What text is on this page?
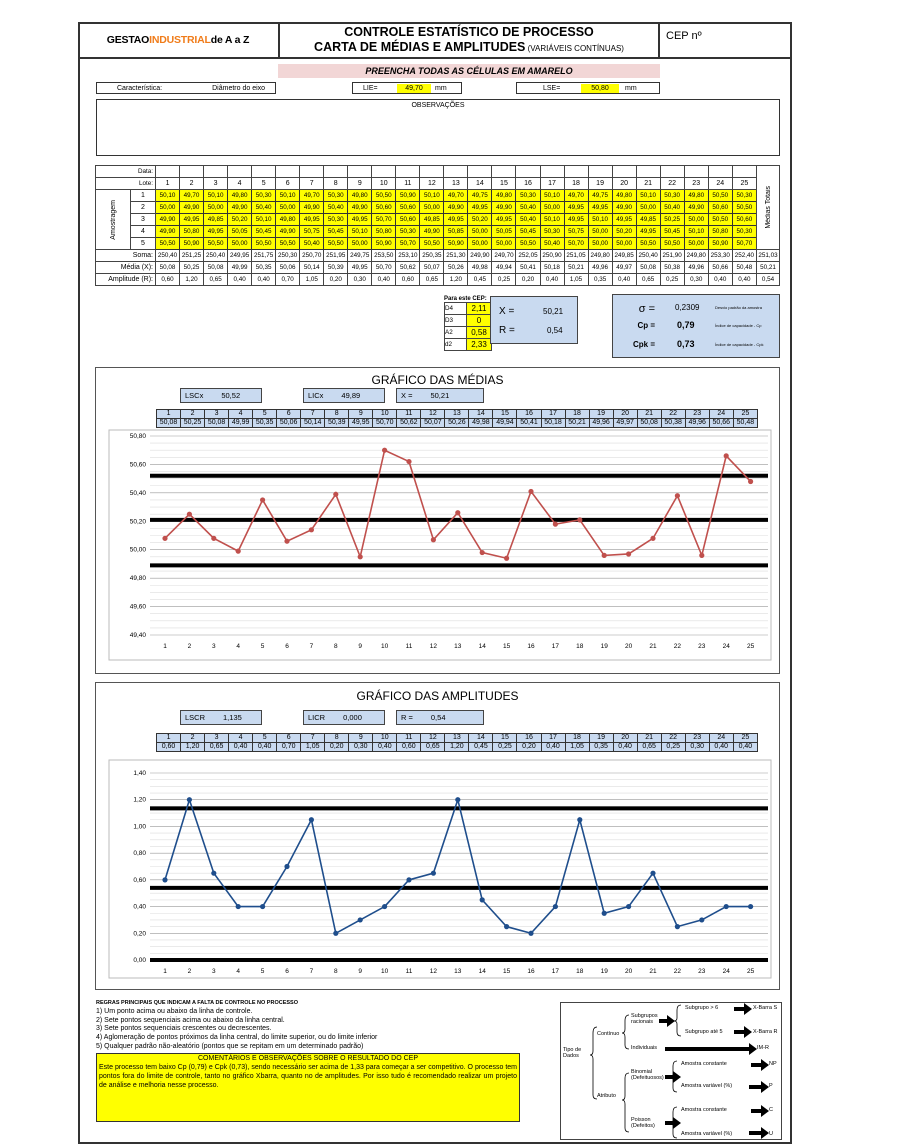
GESTAO INDUSTRIAL de A a Z
CONTROLE ESTATÍSTICO DE PROCESSO
CARTA DE MÉDIAS E AMPLITUDES (VARIÁVEIS CONTÍNUAS)
CEP nº
PREENCHA TODAS AS CÉLULAS EM AMARELO
Característica:	Diâmetro do eixo	LIE=	49,70	mm	LSE=	50,80	mm
OBSERVAÇÕES
Data:																											Médias Totais

Lote:		1	2	3	4	5	6	7	8	9	10	11	12	13	14	15	16	17	18	19	20	21	22	23	24	25	

Amostragem	1	50,10	49,70	50,10	49,80	50,30	50,10	49,70	50,30	49,80	50,50	50,90	50,10	49,70	49,75	49,80	50,30	50,10	49,70	49,75	49,80	50,10	50,30	49,80	50,50	50,30	
	2	50,00	49,90	50,00	49,90	50,40	50,00	49,90	50,40	49,90	50,60	50,60	50,00	49,90	49,95	49,90	50,40	50,00	49,95	49,95	49,90	50,00	50,40	49,90	50,60	50,50	
	3	49,90	49,95	49,85	50,20	50,10	49,80	49,95	50,30	49,95	50,70	50,60	49,85	49,95	50,20	49,95	50,40	50,10	49,95	50,10	49,95	49,85	50,25	50,00	50,50	50,60	
	4	49,90	50,80	49,95	50,05	50,45	49,90	50,75	50,45	50,10	50,80	50,30	49,90	50,85	50,00	50,05	50,45	50,30	50,75	50,00	50,20	49,95	50,45	50,10	50,80	50,30	
	5	50,50	50,90	50,50	50,00	50,50	50,50	50,40	50,50	50,00	50,90	50,70	50,50	50,90	50,00	50,00	50,50	50,40	50,70	50,00	50,00	50,50	50,50	50,00	50,90	50,70	
Soma:		250,40	251,25	250,40	249,95	251,75	250,30	250,70	251,95	249,75	253,50	253,10	250,35	251,30	249,90	249,70	252,05	250,90	251,05	249,80	249,85	250,40	251,90	249,80	253,30	252,40	251,03
Média (X):		50,08	50,25	50,08	49,99	50,35	50,06	50,14	50,39	49,95	50,70	50,62	50,07	50,26	49,98	49,94	50,41	50,18	50,21	49,96	49,97	50,08	50,38	49,96	50,66	50,48	50,21
Amplitude (R):		0,60	1,20	0,65	0,40	0,40	0,70	1,05	0,20	0,30	0,40	0,60	0,65	1,20	0,45	0,25	0,20	0,40	1,05	0,35	0,40	0,65	0,25	0,30	0,40	0,40	0,54
Para este CEP:
D4	2,11
D3	0
A2	0,58
d2	2,33
X =	50,21
R =	0,54
σ =	0,2309	Desvio padrão da amostra
Cp = 0,79	Índice de capacidade - Cp
Cpk = 0,73	Índice de capacidade - Cpk
GRÁFICO DAS MÉDIAS
LSCx 50,52	LICx 49,89	X = 50,21
1	2	3	4	5	6	7	8	9	10	11	12	13	14	15	16	17	18	19	20	21	22	23	24	25
50,08	50,25	50,08	49,99	50,35	50,06	50,14	50,39	49,95	50,70	50,62	50,07	50,26	49,98	49,94	50,41	50,18	50,21	49,96	49,97	50,08	50,38	49,96	50,66	50,48
49,40
49,60
49,80
50,00
50,20
50,40
50,60
50,80
1	2	3	4	5	6	7	8	9	10	11	12	13	14	15	16	17	18	19	20	21	22	23	24	25
GRÁFICO DAS AMPLITUDES
LSCR 1,135	LICR 0,000	R = 0,54
1	2	3	4	5	6	7	8	9	10	11	12	13	14	15	16	17	18	19	20	21	22	23	24	25
0,60	1,20	0,65	0,40	0,40	0,70	1,05	0,20	0,30	0,40	0,60	0,65	1,20	0,45	0,25	0,20	0,40	1,05	0,35	0,40	0,65	0,25	0,30	0,40	0,40
0,00
0,20
0,40
0,60
0,80
1,00
1,20
1,40
1	2	3	4	5	6	7	8	9	10	11	12	13	14	15	16	17	18	19	20	21	22	23	24	25
REGRAS PRINCIPAIS QUE INDICAM A FALTA DE CONTROLE NO PROCESSO
1) Um ponto acima ou abaixo da linha de controle.
2) Sete pontos sequenciais acima ou abaixo da linha central.
3) Sete pontos sequenciais crescentes ou decrescentes.
4) Aglomeração de pontos próximos da linha central, do limite superior, ou do limite inferior
5) Qualquer padrão não-aleatório (pontos que se repitam em um determinado padrão)
COMENTÁRIOS E OBSERVAÇÕES SOBRE O RESULTADO DO CEP
Este processo tem baixo Cp (0,79) e Cpk (0,73), sendo necessário ser acima de 1,33 para começar a ser competitivo. O processo tem pontos fora do limite de controle, tanto no gráfico Xbarra, quanto no de amplitudes. Por isso tudo é recomendado realizar um projeto de análise e melhoria nesse processo.
Tipo de Dados
Contínuo
Atributo
Subgrupos racionais
Individuais
Binomial (Defeituosos)
Poisson (Defeitos)
Subgrupo > 6
Subgrupo até 5
X-Barra S
X-Barra R
IM-R
Amostra constante
Amostra variável (%)
NP
P
Amostra constante
Amostra variável (%)
C
U
